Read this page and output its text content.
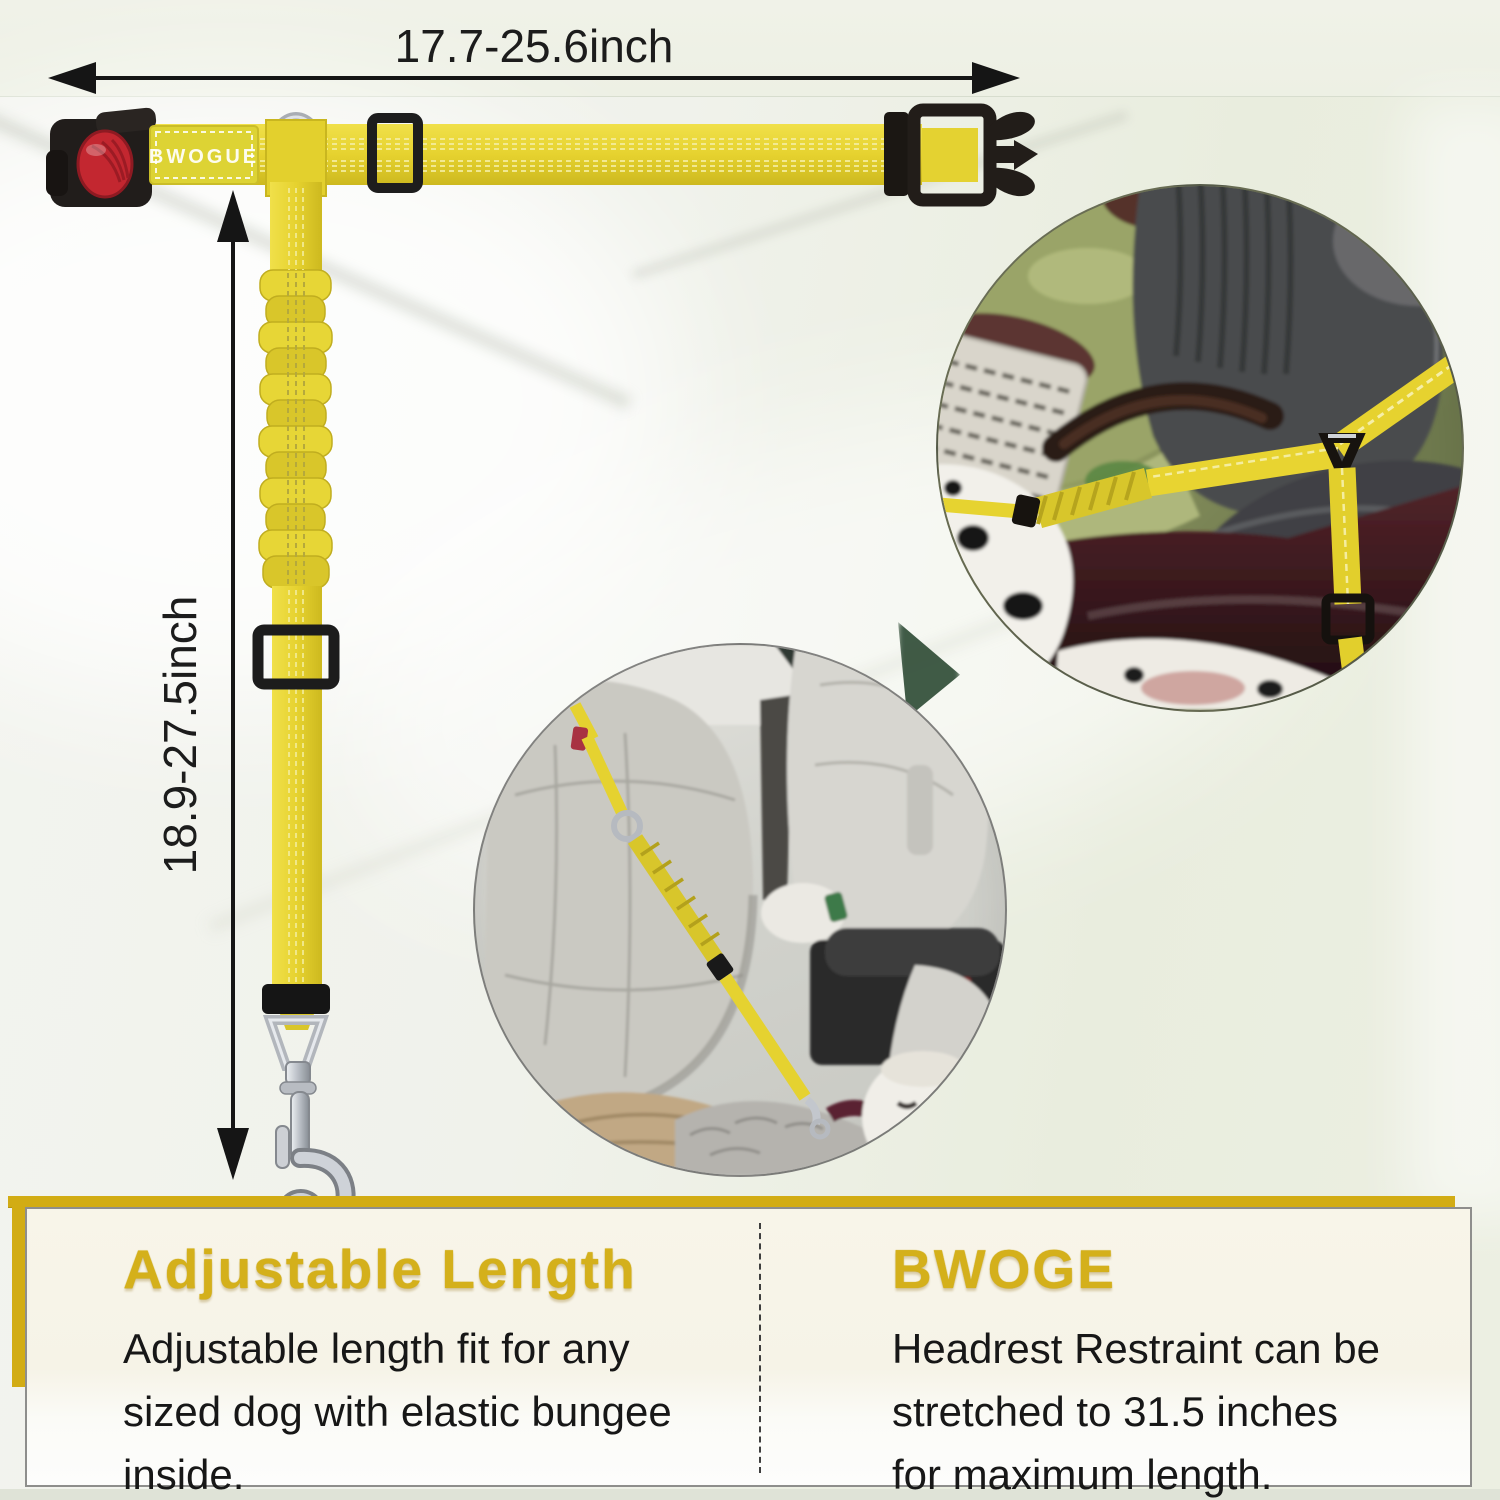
17.7-25.6inch
18.9-27.5inch
BWOGUE
Adjustable Length

Adjustable length fit for any
sized dog with elastic bungee
inside.

BWOGE

Headrest Restraint can be
stretched to 31.5 inches
for maximum length.
